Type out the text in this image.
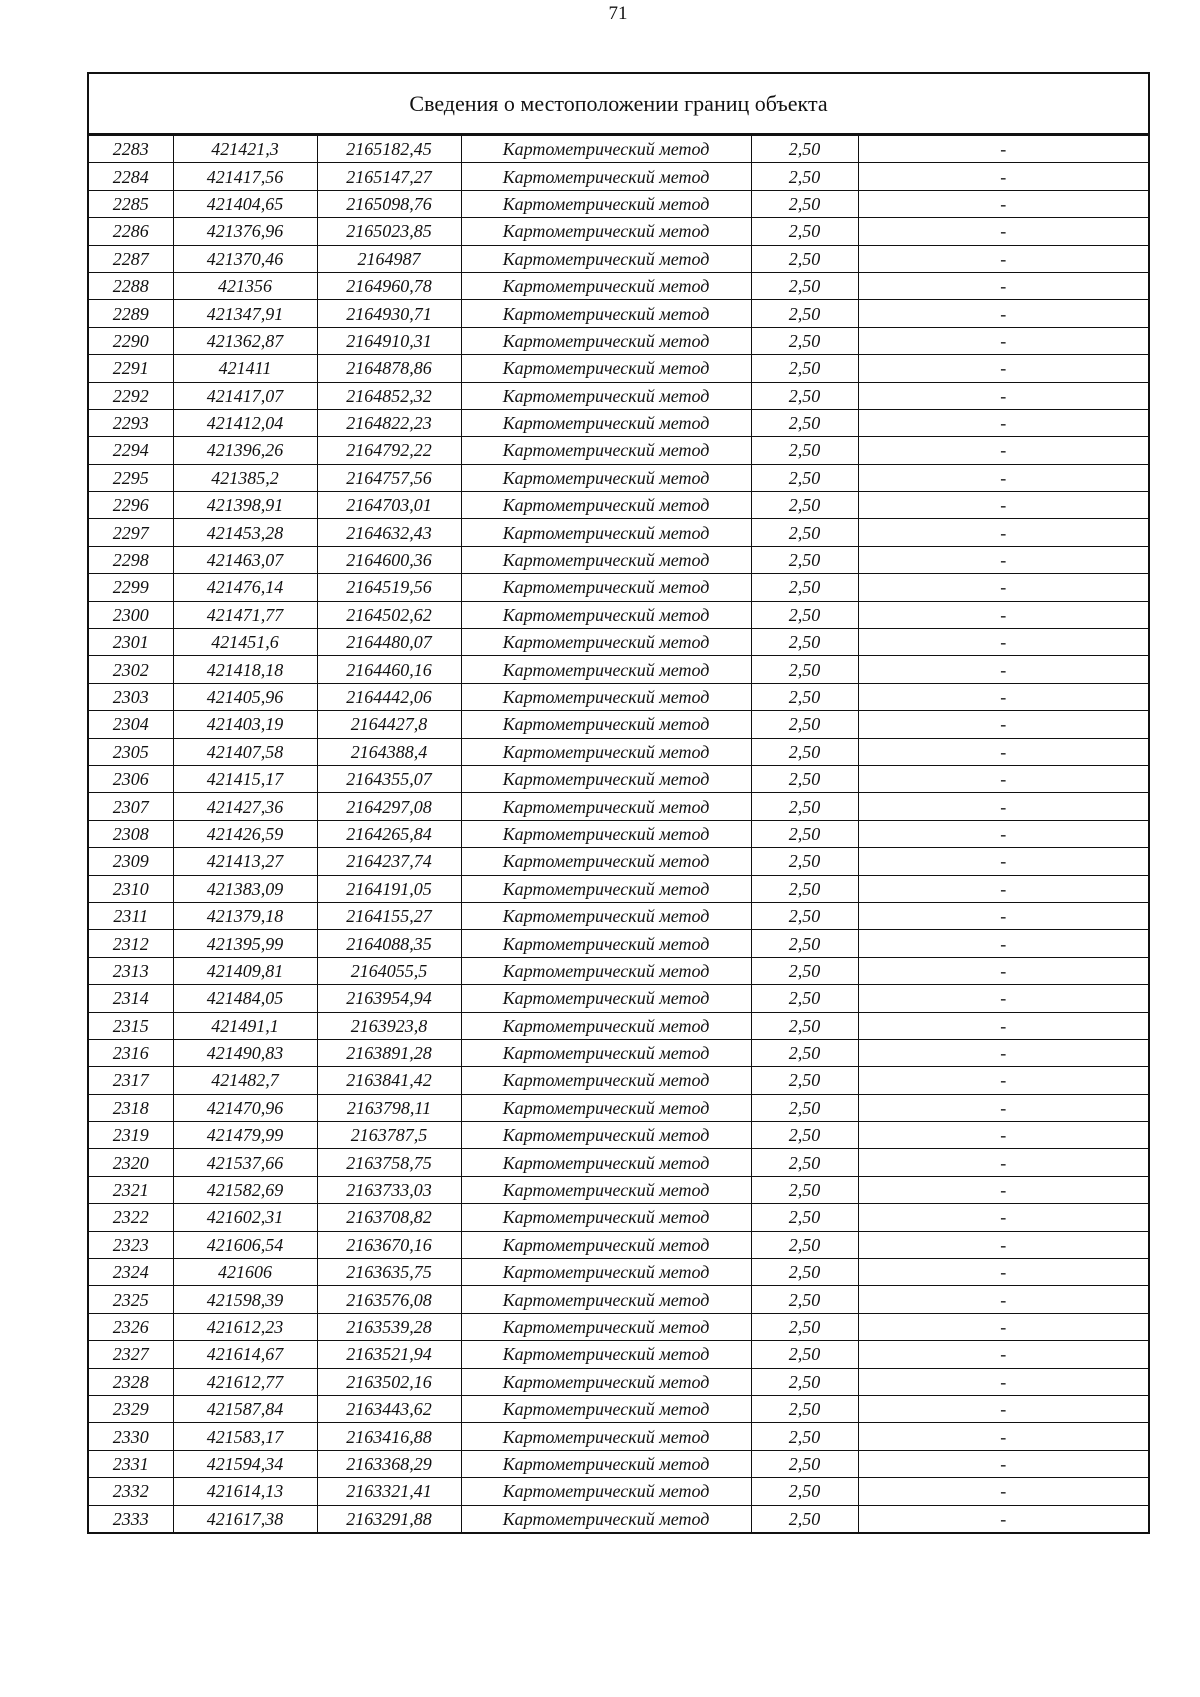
71
Сведения о местоположении границ объекта
2283	421421,3	2165182,45	Картометрический метод	2,50	-
2284	421417,56	2165147,27	Картометрический метод	2,50	-
2285	421404,65	2165098,76	Картометрический метод	2,50	-
2286	421376,96	2165023,85	Картометрический метод	2,50	-
2287	421370,46	2164987	Картометрический метод	2,50	-
2288	421356	2164960,78	Картометрический метод	2,50	-
2289	421347,91	2164930,71	Картометрический метод	2,50	-
2290	421362,87	2164910,31	Картометрический метод	2,50	-
2291	421411	2164878,86	Картометрический метод	2,50	-
2292	421417,07	2164852,32	Картометрический метод	2,50	-
2293	421412,04	2164822,23	Картометрический метод	2,50	-
2294	421396,26	2164792,22	Картометрический метод	2,50	-
2295	421385,2	2164757,56	Картометрический метод	2,50	-
2296	421398,91	2164703,01	Картометрический метод	2,50	-
2297	421453,28	2164632,43	Картометрический метод	2,50	-
2298	421463,07	2164600,36	Картометрический метод	2,50	-
2299	421476,14	2164519,56	Картометрический метод	2,50	-
2300	421471,77	2164502,62	Картометрический метод	2,50	-
2301	421451,6	2164480,07	Картометрический метод	2,50	-
2302	421418,18	2164460,16	Картометрический метод	2,50	-
2303	421405,96	2164442,06	Картометрический метод	2,50	-
2304	421403,19	2164427,8	Картометрический метод	2,50	-
2305	421407,58	2164388,4	Картометрический метод	2,50	-
2306	421415,17	2164355,07	Картометрический метод	2,50	-
2307	421427,36	2164297,08	Картометрический метод	2,50	-
2308	421426,59	2164265,84	Картометрический метод	2,50	-
2309	421413,27	2164237,74	Картометрический метод	2,50	-
2310	421383,09	2164191,05	Картометрический метод	2,50	-
2311	421379,18	2164155,27	Картометрический метод	2,50	-
2312	421395,99	2164088,35	Картометрический метод	2,50	-
2313	421409,81	2164055,5	Картометрический метод	2,50	-
2314	421484,05	2163954,94	Картометрический метод	2,50	-
2315	421491,1	2163923,8	Картометрический метод	2,50	-
2316	421490,83	2163891,28	Картометрический метод	2,50	-
2317	421482,7	2163841,42	Картометрический метод	2,50	-
2318	421470,96	2163798,11	Картометрический метод	2,50	-
2319	421479,99	2163787,5	Картометрический метод	2,50	-
2320	421537,66	2163758,75	Картометрический метод	2,50	-
2321	421582,69	2163733,03	Картометрический метод	2,50	-
2322	421602,31	2163708,82	Картометрический метод	2,50	-
2323	421606,54	2163670,16	Картометрический метод	2,50	-
2324	421606	2163635,75	Картометрический метод	2,50	-
2325	421598,39	2163576,08	Картометрический метод	2,50	-
2326	421612,23	2163539,28	Картометрический метод	2,50	-
2327	421614,67	2163521,94	Картометрический метод	2,50	-
2328	421612,77	2163502,16	Картометрический метод	2,50	-
2329	421587,84	2163443,62	Картометрический метод	2,50	-
2330	421583,17	2163416,88	Картометрический метод	2,50	-
2331	421594,34	2163368,29	Картометрический метод	2,50	-
2332	421614,13	2163321,41	Картометрический метод	2,50	-
2333	421617,38	2163291,88	Картометрический метод	2,50	-
